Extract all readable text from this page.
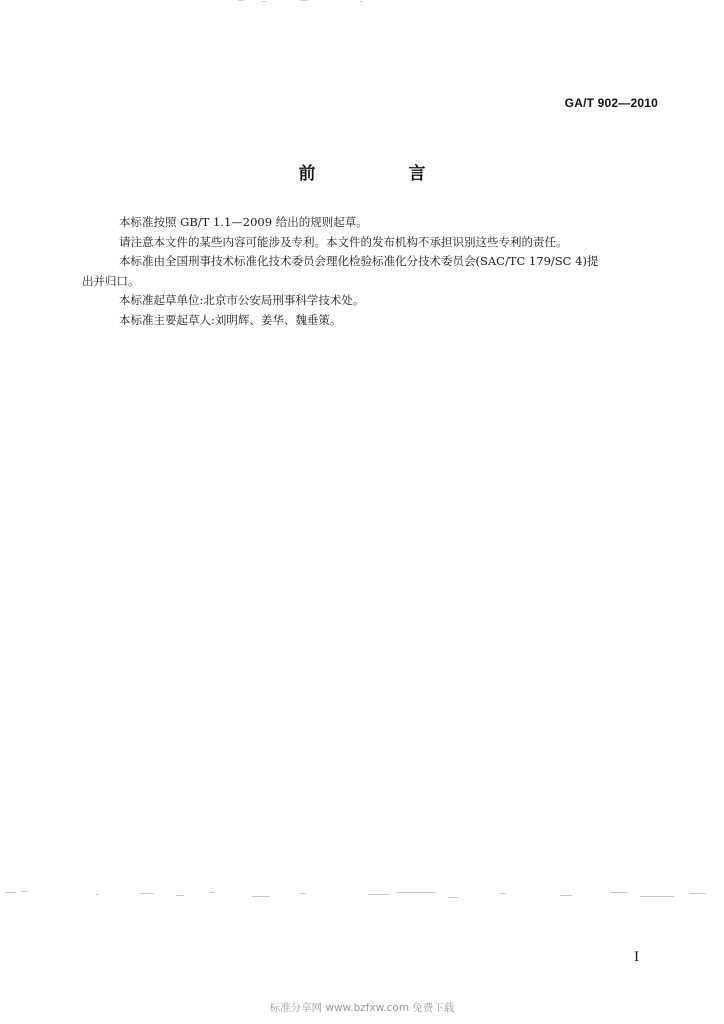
GA/T 902—2010
前　言

本标准按照 GB/T 1.1—2009 给出的规则起草。

请注意本文件的某些内容可能涉及专利。本文件的发布机构不承担识别这些专利的责任。

本标准由全国刑事技术标准化技术委员会理化检验标准化分技术委员会(SAC/TC 179/SC 4)提

出并归口。

本标准起草单位:北京市公安局刑事科学技术处。

本标准主要起草人:刘明辉、姜华、魏垂策。

I
标准分享网 www.bzfxw.com 免费下载
